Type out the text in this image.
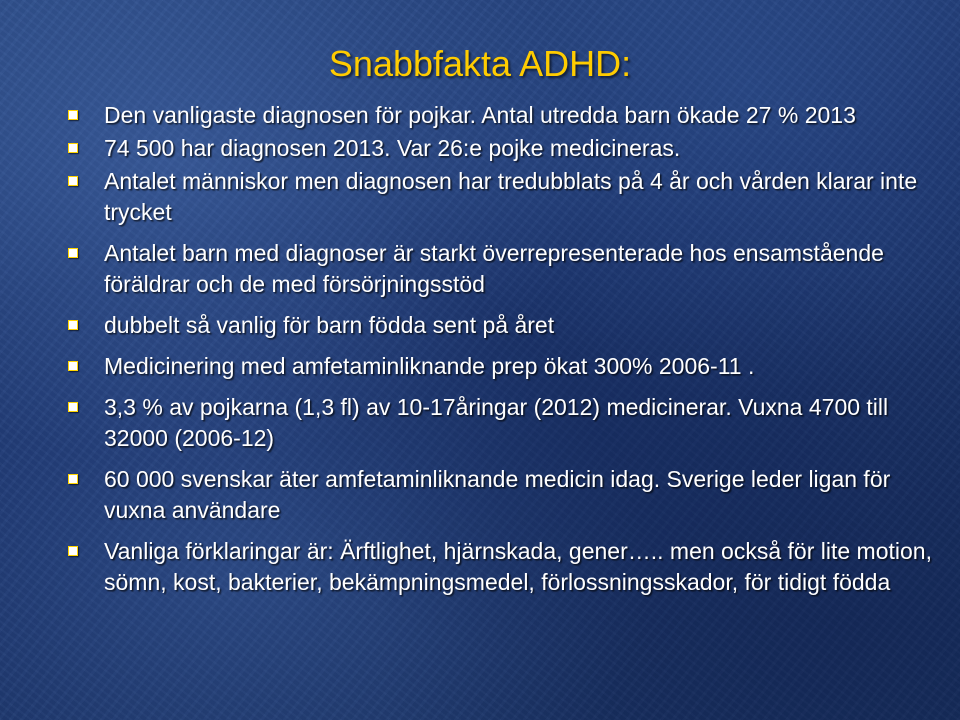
Snabbfakta ADHD:
Den vanligaste diagnosen för pojkar. Antal utredda barn ökade 27 % 2013
74 500 har diagnosen 2013. Var 26:e pojke medicineras.
Antalet människor men diagnosen har tredubblats på 4 år och vården klarar inte trycket
Antalet barn med diagnoser är starkt överrepresenterade hos ensamstående föräldrar och de med försörjningsstöd
dubbelt så vanlig för barn födda sent på året
Medicinering med amfetaminliknande prep ökat 300% 2006-11 .
3,3 % av pojkarna (1,3 fl) av 10-17åringar (2012) medicinerar. Vuxna 4700 till 32000 (2006-12)
60 000 svenskar äter amfetaminliknande medicin idag. Sverige leder ligan för vuxna användare
Vanliga förklaringar är: Ärftlighet, hjärnskada, gener….. men också för lite motion, sömn, kost, bakterier, bekämpningsmedel, förlossningsskador, för tidigt födda
